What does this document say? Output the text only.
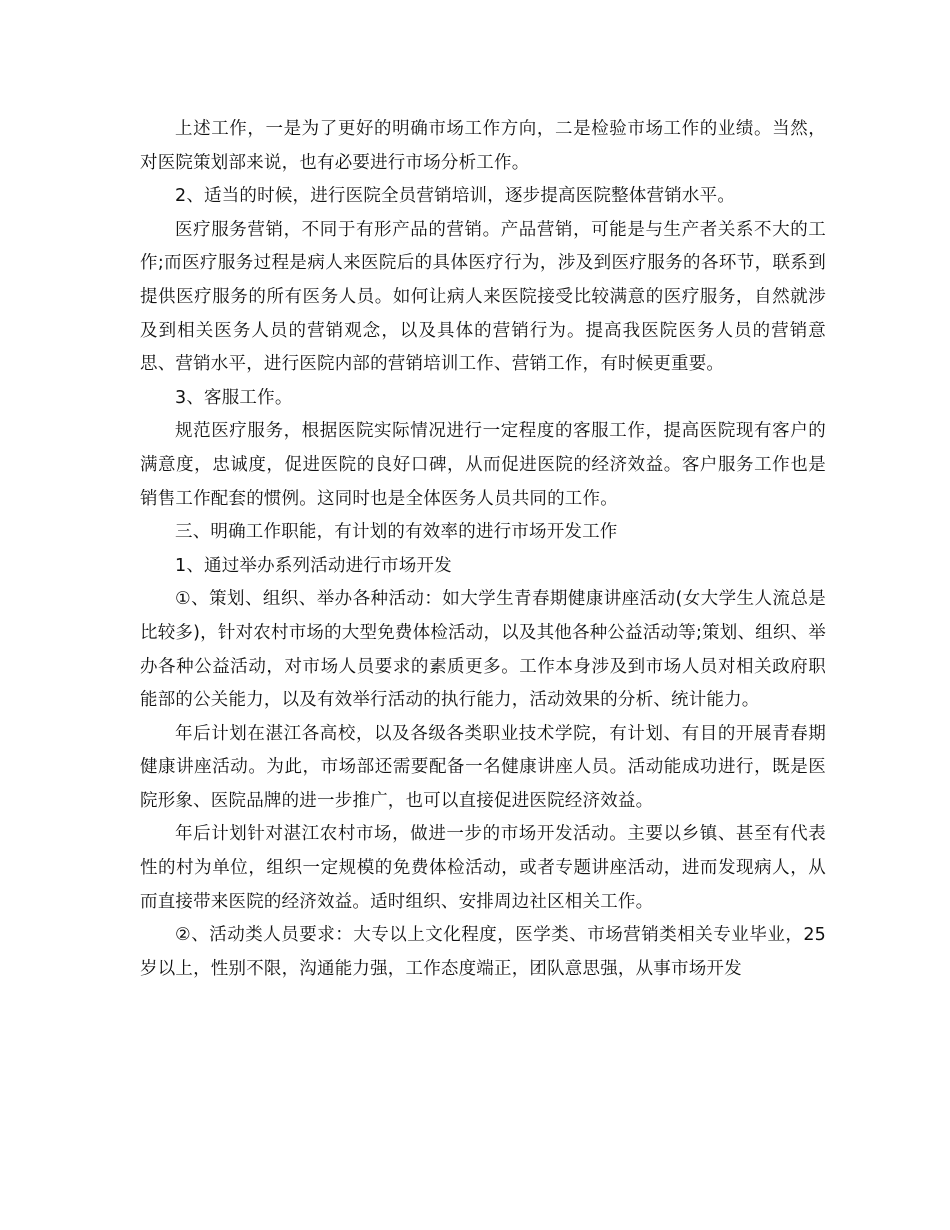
上述工作，一是为了更好的明确市场工作方向，二是检验市场工作的业绩。当然，对医院策划部来说，也有必要进行市场分析工作。

2、适当的时候，进行医院全员营销培训，逐步提高医院整体营销水平。

医疗服务营销，不同于有形产品的营销。产品营销，可能是与生产者关系不大的工作;而医疗服务过程是病人来医院后的具体医疗行为，涉及到医疗服务的各环节，联系到提供医疗服务的所有医务人员。如何让病人来医院接受比较满意的医疗服务，自然就涉及到相关医务人员的营销观念，以及具体的营销行为。提高我医院医务人员的营销意思、营销水平，进行医院内部的营销培训工作、营销工作，有时候更重要。

3、客服工作。

规范医疗服务，根据医院实际情况进行一定程度的客服工作，提高医院现有客户的满意度，忠诚度，促进医院的良好口碑，从而促进医院的经济效益。客户服务工作也是销售工作配套的惯例。这同时也是全体医务人员共同的工作。

三、明确工作职能，有计划的有效率的进行市场开发工作

1、通过举办系列活动进行市场开发

①、策划、组织、举办各种活动：如大学生青春期健康讲座活动(女大学生人流总是比较多)，针对农村市场的大型免费体检活动，以及其他各种公益活动等;策划、组织、举办各种公益活动，对市场人员要求的素质更多。工作本身涉及到市场人员对相关政府职能部的公关能力，以及有效举行活动的执行能力，活动效果的分析、统计能力。

年后计划在湛江各高校，以及各级各类职业技术学院，有计划、有目的开展青春期健康讲座活动。为此，市场部还需要配备一名健康讲座人员。活动能成功进行，既是医院形象、医院品牌的进一步推广，也可以直接促进医院经济效益。

年后计划针对湛江农村市场，做进一步的市场开发活动。主要以乡镇、甚至有代表性的村为单位，组织一定规模的免费体检活动，或者专题讲座活动，进而发现病人，从而直接带来医院的经济效益。适时组织、安排周边社区相关工作。

②、活动类人员要求：大专以上文化程度，医学类、市场营销类相关专业毕业，25岁以上，性别不限，沟通能力强，工作态度端正，团队意思强，从事市场开发
